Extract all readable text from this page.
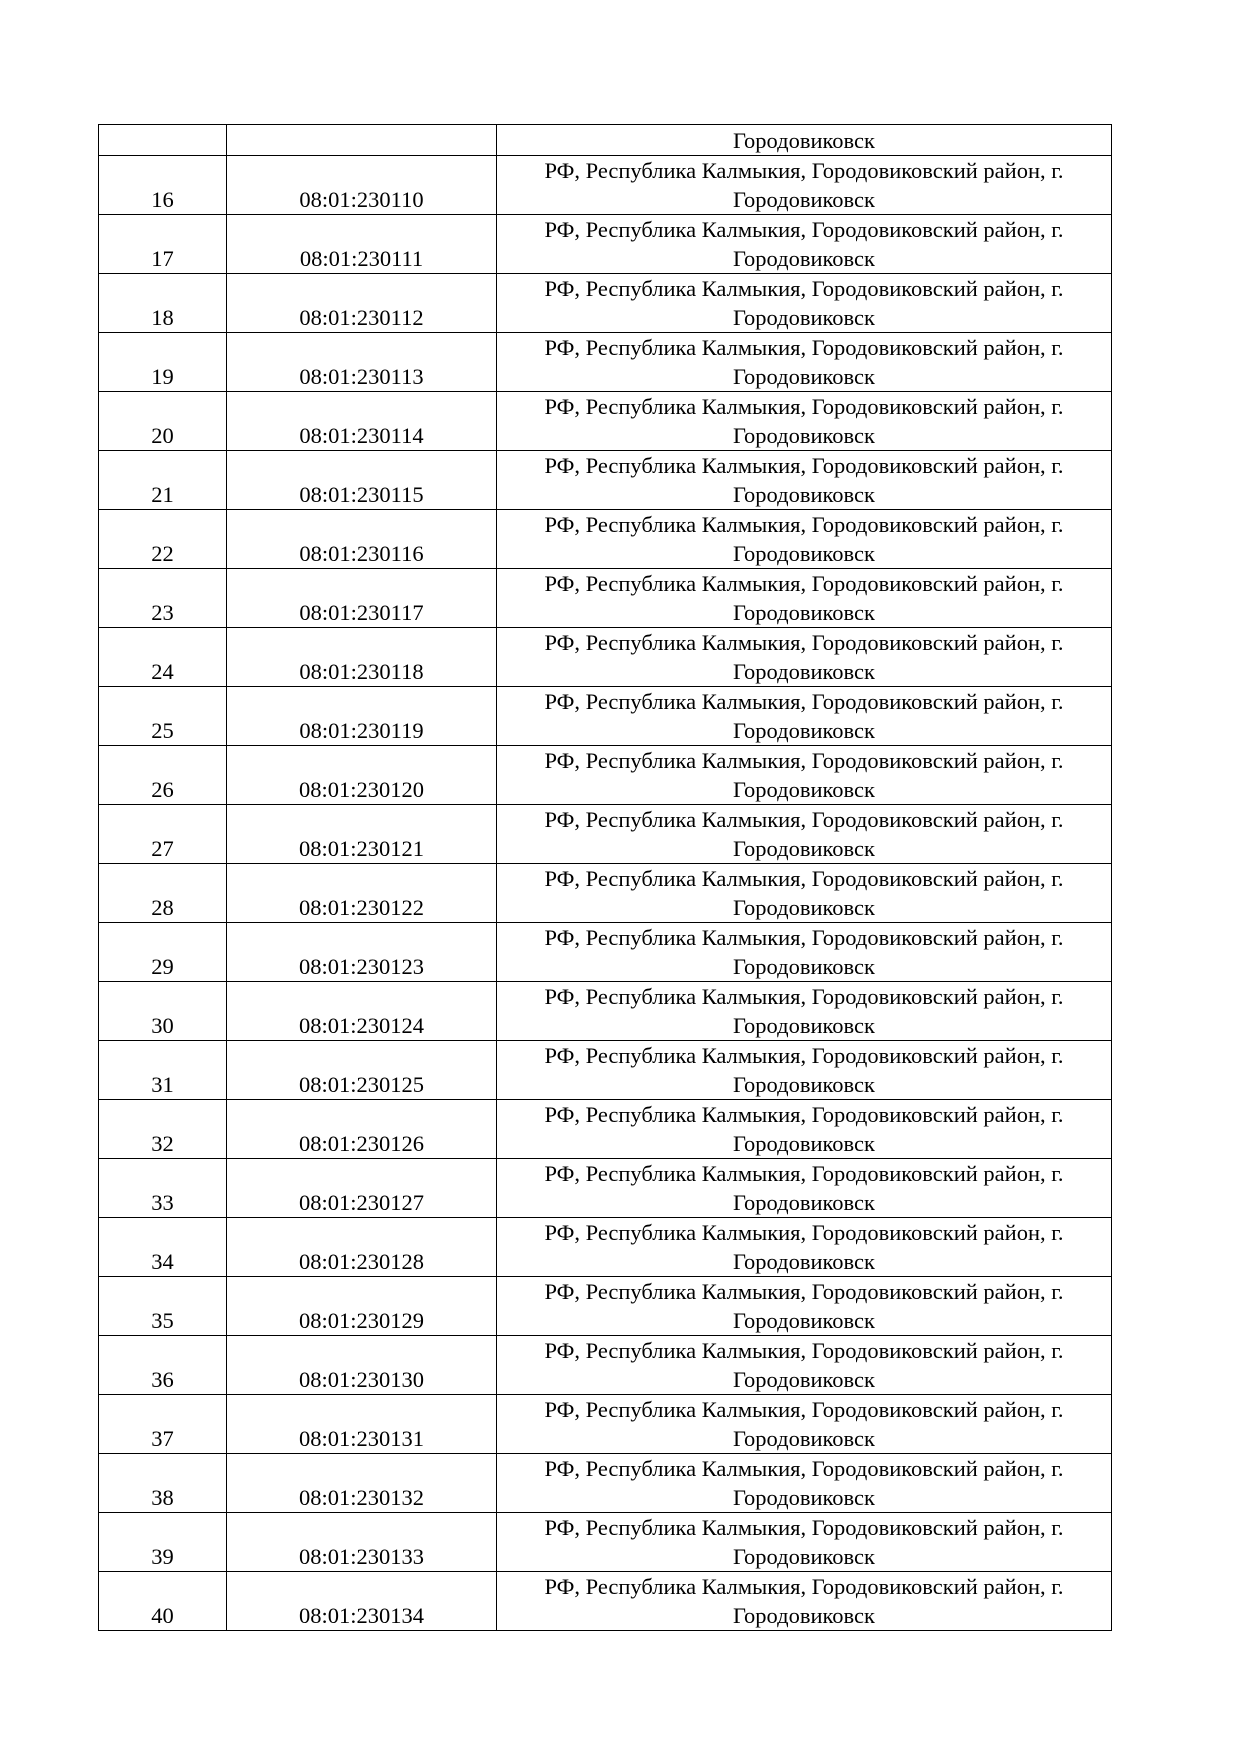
		Городовиковск

16	08:01:230110	РФ, Республика Калмыкия, Городовиковский район, г.
Городовиковск

17	08:01:230111	РФ, Республика Калмыкия, Городовиковский район, г.
Городовиковск

18	08:01:230112	РФ, Республика Калмыкия, Городовиковский район, г.
Городовиковск

19	08:01:230113	РФ, Республика Калмыкия, Городовиковский район, г.
Городовиковск

20	08:01:230114	РФ, Республика Калмыкия, Городовиковский район, г.
Городовиковск

21	08:01:230115	РФ, Республика Калмыкия, Городовиковский район, г.
Городовиковск

22	08:01:230116	РФ, Республика Калмыкия, Городовиковский район, г.
Городовиковск

23	08:01:230117	РФ, Республика Калмыкия, Городовиковский район, г.
Городовиковск

24	08:01:230118	РФ, Республика Калмыкия, Городовиковский район, г.
Городовиковск

25	08:01:230119	РФ, Республика Калмыкия, Городовиковский район, г.
Городовиковск

26	08:01:230120	РФ, Республика Калмыкия, Городовиковский район, г.
Городовиковск

27	08:01:230121	РФ, Республика Калмыкия, Городовиковский район, г.
Городовиковск

28	08:01:230122	РФ, Республика Калмыкия, Городовиковский район, г.
Городовиковск

29	08:01:230123	РФ, Республика Калмыкия, Городовиковский район, г.
Городовиковск

30	08:01:230124	РФ, Республика Калмыкия, Городовиковский район, г.
Городовиковск

31	08:01:230125	РФ, Республика Калмыкия, Городовиковский район, г.
Городовиковск

32	08:01:230126	РФ, Республика Калмыкия, Городовиковский район, г.
Городовиковск

33	08:01:230127	РФ, Республика Калмыкия, Городовиковский район, г.
Городовиковск

34	08:01:230128	РФ, Республика Калмыкия, Городовиковский район, г.
Городовиковск

35	08:01:230129	РФ, Республика Калмыкия, Городовиковский район, г.
Городовиковск

36	08:01:230130	РФ, Республика Калмыкия, Городовиковский район, г.
Городовиковск

37	08:01:230131	РФ, Республика Калмыкия, Городовиковский район, г.
Городовиковск

38	08:01:230132	РФ, Республика Калмыкия, Городовиковский район, г.
Городовиковск

39	08:01:230133	РФ, Республика Калмыкия, Городовиковский район, г.
Городовиковск

40	08:01:230134	РФ, Республика Калмыкия, Городовиковский район, г.
Городовиковск
